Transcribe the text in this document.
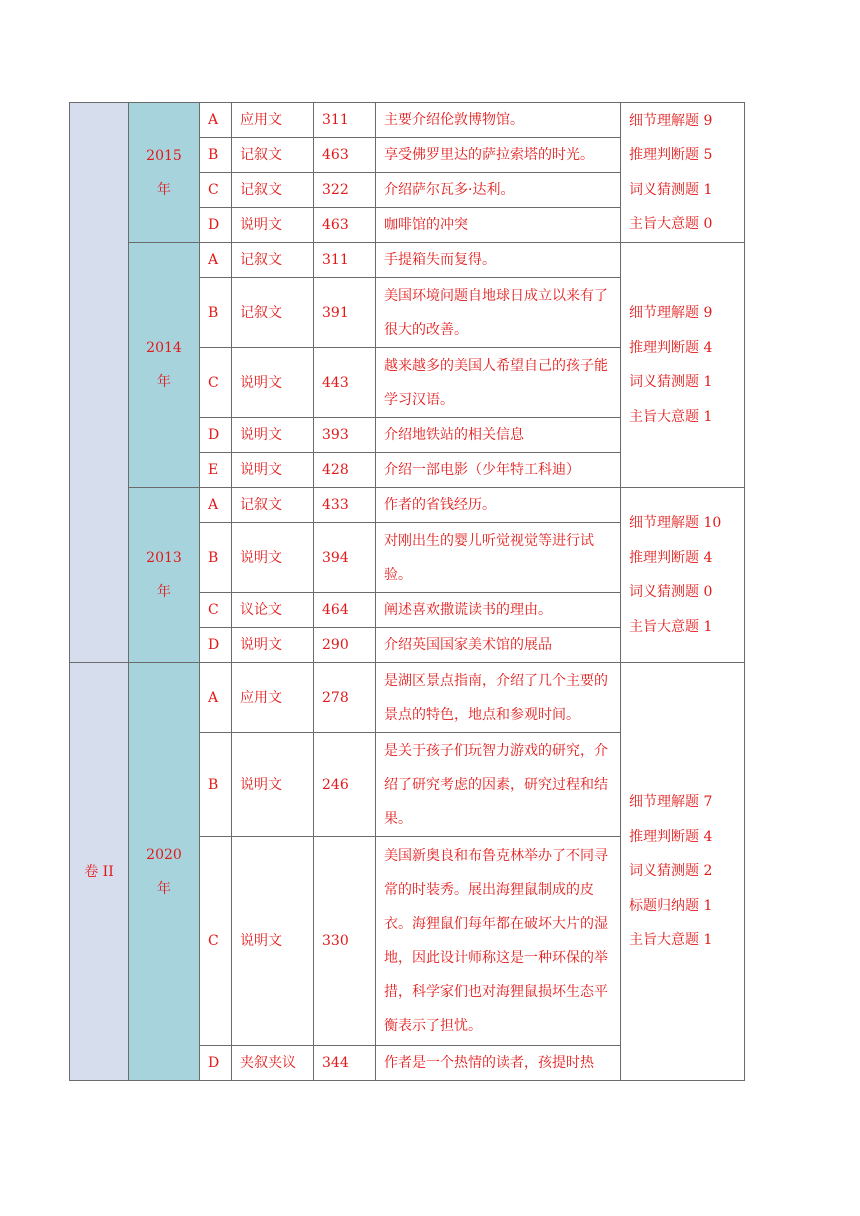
	2015 年	A	应用文	311	主要介绍伦敦博物馆。	细节理解题 9
推理判断题 5
词义猜测题 1
主旨大意题 0

		B	记叙文	463	享受佛罗里达的萨拉索塔的时光。	
		C	记叙文	322	介绍萨尔瓦多·达利。	
		D	说明文	463	咖啡馆的冲突	
	2014 年	A	记叙文	311	手提箱失而复得。	细节理解题 9
推理判断题 4
词义猜测题 1
主旨大意题 1

		B	记叙文	391	美国环境问题自地球日成立以来有了很大的改善。	
		C	说明文	443	越来越多的美国人希望自己的孩子能学习汉语。	
		D	说明文	393	介绍地铁站的相关信息	
		E	说明文	428	介绍一部电影（少年特工科迪）	
	2013 年	A	记叙文	433	作者的省钱经历。	细节理解题 10
推理判断题 4
词义猜测题 0
主旨大意题 1

		B	说明文	394	对刚出生的婴儿听觉视觉等进行试验。	
		C	议论文	464	阐述喜欢撒谎读书的理由。	
		D	说明文	290	介绍英国国家美术馆的展品	
卷 II	2020 年	A	应用文	278	是湖区景点指南，介绍了几个主要的景点的特色，地点和参观时间。	细节理解题 7
推理判断题 4
词义猜测题 2
标题归纳题 1
主旨大意题 1

		B	说明文	246	是关于孩子们玩智力游戏的研究，介绍了研究考虑的因素，研究过程和结果。	
		C	说明文	330	美国新奥良和布鲁克林举办了不同寻常的时装秀。展出海狸鼠制成的皮衣。海狸鼠们每年都在破坏大片的湿地，因此设计师称这是一种环保的举措，科学家们也对海狸鼠损坏生态平衡表示了担忧。	
		D	夹叙夹议	344	作者是一个热情的读者，孩提时热	
